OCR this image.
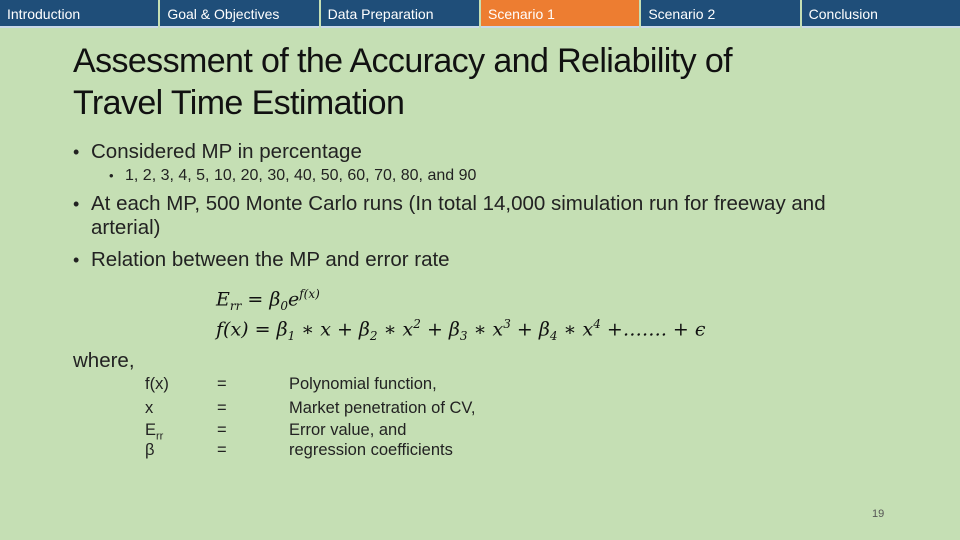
Introduction	Goal & Objectives	Data Preparation	Scenario 1	Scenario 2	Conclusion
Assessment of the Accuracy and Reliability of
Travel Time Estimation
• Considered MP in percentage
• 1, 2, 3, 4, 5, 10, 20, 30, 40, 50, 60, 70, 80, and 90
• At each MP, 500 Monte Carlo runs (In total 14,000 simulation run for freeway and arterial)
• Relation between the MP and error rate
$E_{rr} = \beta_0e^{f(x)}$
$f(x) = \beta_1$ ∗ $x + \beta_2$ ∗ $x^2 + \beta_3$ ∗ $x^3 + \beta_4$ ∗ $x^4$ +……. + ϵ
where,
f(x)	=	Polynomial function,
x	=	Market penetration of CV,
$E_{rr}$	=	Error value, and
β	=	regression coefficients
19
